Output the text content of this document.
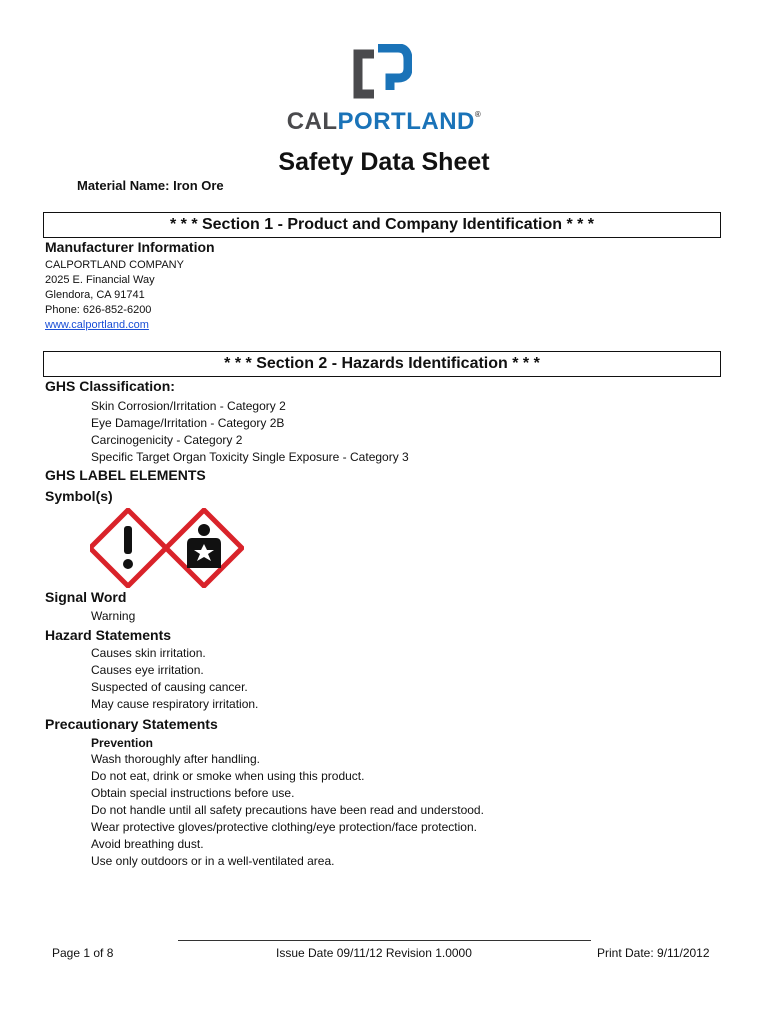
CALPORTLAND®
Safety Data Sheet
Material Name: Iron Ore
* * * Section 1 - Product and Company Identification * * *
Manufacturer Information
CALPORTLAND COMPANY
2025 E. Financial Way
Glendora, CA 91741
Phone: 626-852-6200
www.calportland.com
* * * Section 2 - Hazards Identification * * *
GHS Classification:
Skin Corrosion/Irritation - Category 2
Eye Damage/Irritation - Category 2B
Carcinogenicity - Category 2
Specific Target Organ Toxicity Single Exposure - Category 3
GHS LABEL ELEMENTS
Symbol(s)
Signal Word
Warning
Hazard Statements
Causes skin irritation.
Causes eye irritation.
Suspected of causing cancer.
May cause respiratory irritation.
Precautionary Statements
Prevention
Wash thoroughly after handling.
Do not eat, drink or smoke when using this product.
Obtain special instructions before use.
Do not handle until all safety precautions have been read and understood.
Wear protective gloves/protective clothing/eye protection/face protection.
Avoid breathing dust.
Use only outdoors or in a well-ventilated area.
Page 1 of 8	Issue Date 09/11/12 Revision 1.0000	Print Date: 9/11/2012
